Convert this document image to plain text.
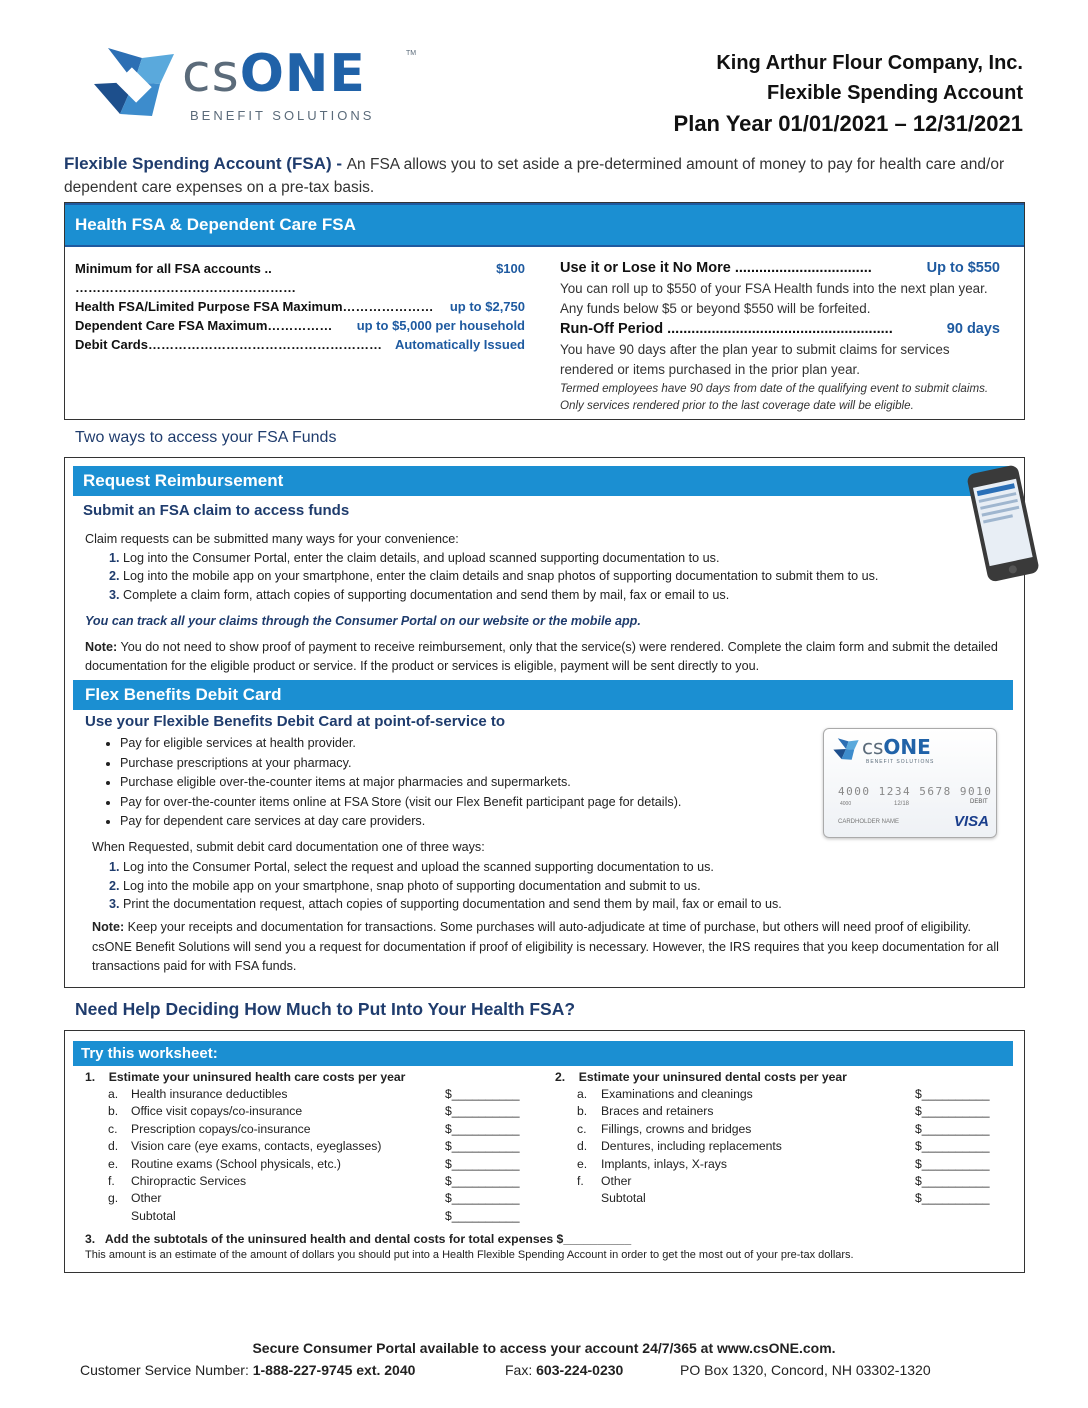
csONE	TM
BENEFIT SOLUTIONS
King Arthur Flour Company, Inc.
Flexible Spending Account
Plan Year 01/01/2021 – 12/31/2021
Flexible Spending Account (FSA) - An FSA allows you to set aside a pre-determined amount of money to pay for health care and/or dependent care expenses on a pre-tax basis.
Health FSA & Dependent Care FSA
Minimum for all FSA accounts .. ……………………………………………
$100
Health FSA/Limited Purpose FSA Maximum………………… up to $2,750
Dependent Care FSA Maximum…………… up to $5,000 per household
Debit Cards……………………………………………… Automatically Issued
Use it or Lose it No More ..................................	Up to $550
You can roll up to $550 of your FSA Health funds into the next plan year. Any funds below $5 or beyond $550 will be forfeited.
Run-Off Period ........................................................	90 days
You have 90 days after the plan year to submit claims for services rendered or items purchased in the prior plan year.
Termed employees have 90 days from date of the qualifying event to submit claims. Only services rendered prior to the last coverage date will be eligible.
Two ways to access your FSA Funds
Request Reimbursement
Submit an FSA claim to access funds
Claim requests can be submitted many ways for your convenience:
1. Log into the Consumer Portal, enter the claim details, and upload scanned supporting documentation to us.
2. Log into the mobile app on your smartphone, enter the claim details and snap photos of supporting documentation to submit them to us.
3. Complete a claim form, attach copies of supporting documentation and send them by mail, fax or email to us.
You can track all your claims through the Consumer Portal on our website or the mobile app.
Note: You do not need to show proof of payment to receive reimbursement, only that the service(s) were rendered. Complete the claim form and submit the detailed documentation for the eligible product or service. If the product or services is eligible, payment will be sent directly to you.
Flex Benefits Debit Card
Use your Flexible Benefits Debit Card at point-of-service to
• Pay for eligible services at health provider.
• Purchase prescriptions at your pharmacy.
• Purchase eligible over-the-counter items at major pharmacies and supermarkets.
• Pay for over-the-counter items online at FSA Store (visit our Flex Benefit participant page for details).
• Pay for dependent care services at day care providers.
csONE
BENEFIT SOLUTIONS
4000 1234 5678 9010
4000	12/18	DEBIT
CARDHOLDER NAME	VISA
When Requested, submit debit card documentation one of three ways:
1. Log into the Consumer Portal, select the request and upload the scanned supporting documentation to us.
2. Log into the mobile app on your smartphone, snap photo of supporting documentation and submit to us.
3. Print the documentation request, attach copies of supporting documentation and send them by mail, fax or email to us.
Note: Keep your receipts and documentation for transactions. Some purchases will auto-adjudicate at time of purchase, but others will need proof of eligibility. csONE Benefit Solutions will send you a request for documentation if proof of eligibility is necessary. However, the IRS requires that you keep documentation for all transactions paid for with FSA funds.
Need Help Deciding How Much to Put Into Your Health FSA?
Try this worksheet:
1. Estimate your uninsured health care costs per year
a. Health insurance deductibles	$__________
b. Office visit copays/co-insurance	$__________
c. Prescription copays/co-insurance	$__________
d. Vision care (eye exams, contacts, eyeglasses)	$__________
e. Routine exams (School physicals, etc.)	$__________
f. Chiropractic Services	$__________
g. Other	$__________
Subtotal	$__________
2. Estimate your uninsured dental costs per year
a. Examinations and cleanings	$__________
b. Braces and retainers	$__________
c. Fillings, crowns and bridges	$__________
d. Dentures, including replacements	$__________
e. Implants, inlays, X-rays	$__________
f. Other	$__________
Subtotal	$__________
3.   Add the subtotals of the uninsured health and dental costs for total expenses $__________
This amount is an estimate of the amount of dollars you should put into a Health Flexible Spending Account in order to get the most out of your pre-tax dollars.
Secure Consumer Portal available to access your account 24/7/365 at www.csONE.com.
Customer Service Number: 1-888-227-9745 ext. 2040	Fax: 603-224-0230	PO Box 1320, Concord, NH 03302-1320
